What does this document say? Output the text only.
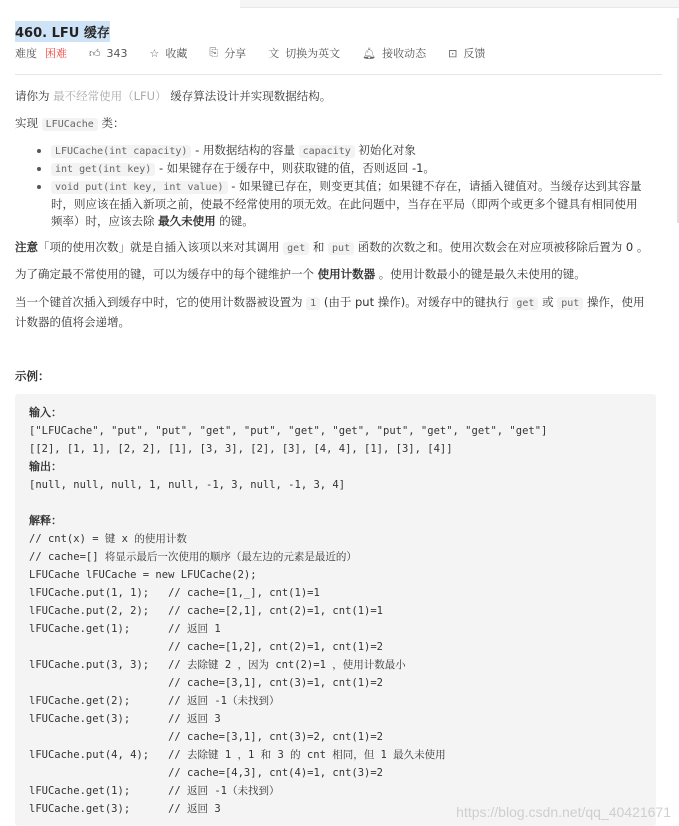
460. LFU 缓存
难度 困难 👍︎ 343 ☆ 收藏 ⎘ 分享 文 切换为英文 🔔︎ 接收动态 ⊡ 反馈
请你为 最不经常使用（LFU） 缓存算法设计并实现数据结构。
实现 LFUCache 类：
LFUCache(int capacity) - 用数据结构的容量 capacity 初始化对象
int get(int key) - 如果键存在于缓存中，则获取键的值，否则返回 -1。
void put(int key, int value) - 如果键已存在，则变更其值；如果键不存在，请插入键值对。当缓存达到其容量时，则应该在插入新项之前，使最不经常使用的项无效。在此问题中，当存在平局（即两个或更多个键具有相同使用频率）时，应该去除 最久未使用 的键。
注意「项的使用次数」就是自插入该项以来对其调用 get 和 put 函数的次数之和。使用次数会在对应项被移除后置为 0 。
为了确定最不常使用的键，可以为缓存中的每个键维护一个 使用计数器 。使用计数最小的键是最久未使用的键。
当一个键首次插入到缓存中时，它的使用计数器被设置为 1 (由于 put 操作)。对缓存中的键执行 get 或 put 操作，使用计数器的值将会递增。
示例：
输入：
["LFUCache", "put", "put", "get", "put", "get", "get", "put", "get", "get", "get"]
[[2], [1, 1], [2, 2], [1], [3, 3], [2], [3], [4, 4], [1], [3], [4]]
输出：
[null, null, null, 1, null, -1, 3, null, -1, 3, 4]

解释：

// cnt(x) = 键 x 的使用计数
// cache=[] 将显示最后一次使用的顺序（最左边的元素是最近的）
LFUCache lFUCache = new LFUCache(2);
lFUCache.put(1, 1);   // cache=[1,_], cnt(1)=1
lFUCache.put(2, 2);   // cache=[2,1], cnt(2)=1, cnt(1)=1
lFUCache.get(1);      // 返回 1
// cache=[1,2], cnt(2)=1, cnt(1)=2
lFUCache.put(3, 3);   // 去除键 2 ，因为 cnt(2)=1 ，使用计数最小
// cache=[3,1], cnt(3)=1, cnt(1)=2
lFUCache.get(2);      // 返回 -1（未找到）
lFUCache.get(3);      // 返回 3
// cache=[3,1], cnt(3)=2, cnt(1)=2
lFUCache.put(4, 4);   // 去除键 1 ，1 和 3 的 cnt 相同，但 1 最久未使用
// cache=[4,3], cnt(4)=1, cnt(3)=2
lFUCache.get(1);      // 返回 -1（未找到）
lFUCache.get(3);      // 返回 3	https://blog.csdn.net/qq_40421671
